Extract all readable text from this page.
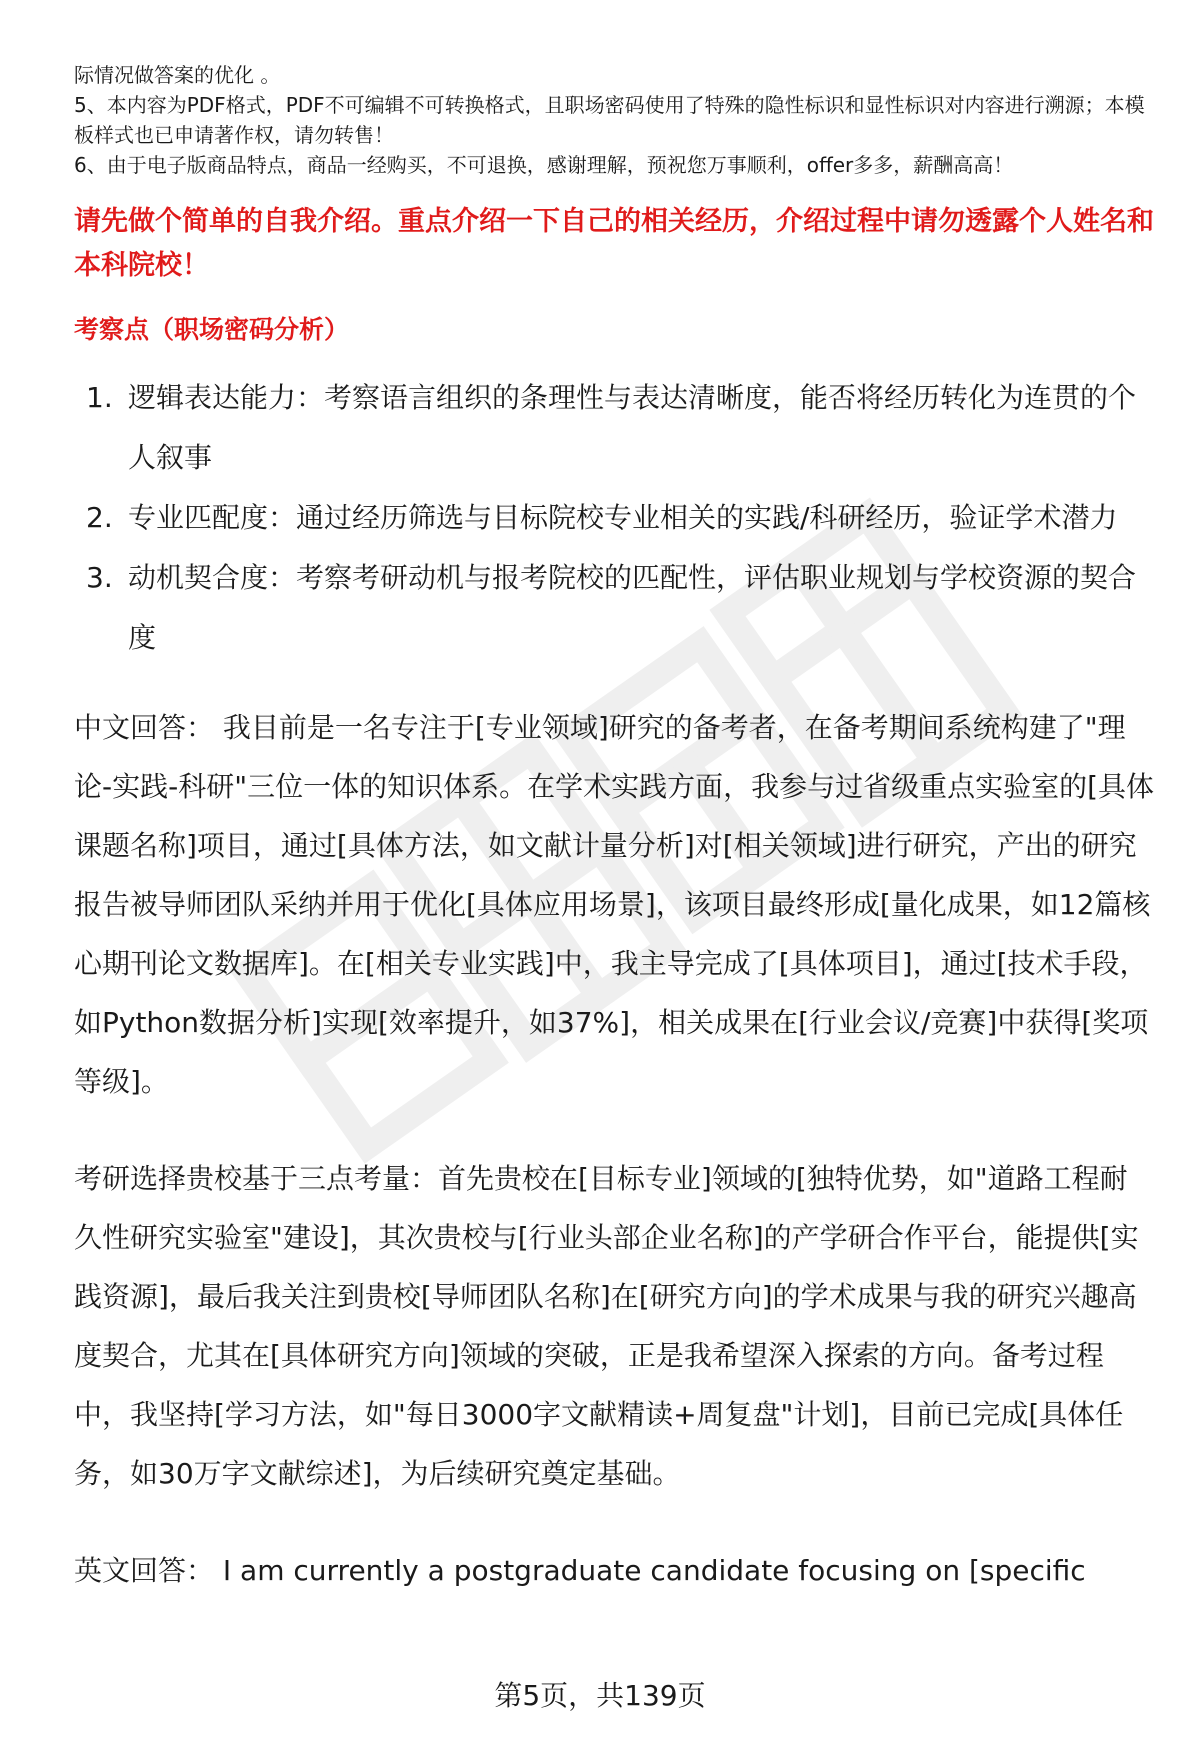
际情况做答案的优化 。

5、本内容为PDF格式，PDF不可编辑不可转换格式，且职场密码使用了特殊的隐性标识和显性标识对内容进行溯源；本模板样式也已申请著作权，请勿转售！

6、由于电子版商品特点，商品一经购买，不可退换，感谢理解，预祝您万事顺利，offer多多，薪酬高高！

请先做个简单的自我介绍。重点介绍一下自己的相关经历，介绍过程中请勿透露个人姓名和本科院校！

考察点（职场密码分析）

1. 逻辑表达能力：考察语言组织的条理性与表达清晰度，能否将经历转化为连贯的个人叙事
2. 专业匹配度：通过经历筛选与目标院校专业相关的实践/科研经历，验证学术潜力
3. 动机契合度：考察考研动机与报考院校的匹配性，评估职业规划与学校资源的契合度

中文回答： 我目前是一名专注于[专业领域]研究的备考者，在备考期间系统构建了"理论-实践-科研"三位一体的知识体系。在学术实践方面，我参与过省级重点实验室的[具体课题名称]项目，通过[具体方法，如文献计量分析]对[相关领域]进行研究，产出的研究报告被导师团队采纳并用于优化[具体应用场景]，该项目最终形成[量化成果，如12篇核心期刊论文数据库]。在[相关专业实践]中，我主导完成了[具体项目]，通过[技术手段，如Python数据分析]实现[效率提升，如37%]，相关成果在[行业会议/竞赛]中获得[奖项等级]。

考研选择贵校基于三点考量：首先贵校在[目标专业]领域的[独特优势，如"道路工程耐久性研究实验室"建设]，其次贵校与[行业头部企业名称]的产学研合作平台，能提供[实践资源]，最后我关注到贵校[导师团队名称]在[研究方向]的学术成果与我的研究兴趣高度契合，尤其在[具体研究方向]领域的突破，正是我希望深入探索的方向。备考过程中，我坚持[学习方法，如"每日3000字文献精读+周复盘"计划]，目前已完成[具体任务，如30万字文献综述]，为后续研究奠定基础。

英文回答： I am currently a postgraduate candidate focusing on [specific

第5页，共139页
